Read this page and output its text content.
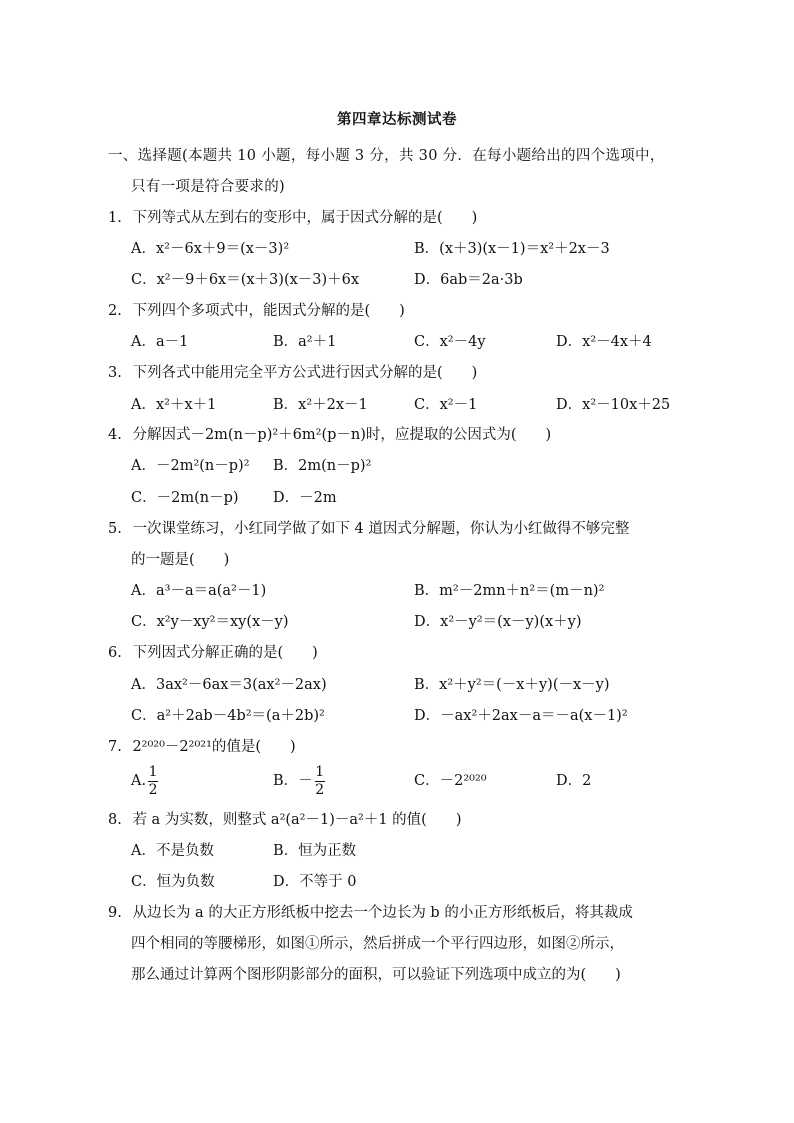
第四章达标测试卷
一、选择题(本题共 10 小题，每小题 3 分，共 30 分．在每小题给出的四个选项中，
只有一项是符合要求的)
1. 下列等式从左到右的变形中，属于因式分解的是(　　)
A．x²－6x＋9＝(x－3)²	B．(x＋3)(x－1)＝x²＋2x－3
C．x²－9＋6x＝(x＋3)(x－3)＋6x	D．6ab＝2a·3b
2. 下列四个多项式中，能因式分解的是(　　)
A．a－1	B．a²＋1	C．x²－4y	D．x²－4x＋4
3. 下列各式中能用完全平方公式进行因式分解的是(　　)
A．x²＋x＋1	B．x²＋2x－1	C．x²－1	D．x²－10x＋25
4. 分解因式－2m(n－p)²＋6m²(p－n)时，应提取的公因式为(　　)
A．－2m²(n－p)² B．2m(n－p)²
C．－2m(n－p) D．－2m
5. 一次课堂练习，小红同学做了如下 4 道因式分解题，你认为小红做得不够完整
的一题是(　　)
A．a³－a＝a(a²－1)	B．m²－2mn＋n²＝(m－n)²
C．x²y－xy²＝xy(x－y)	D．x²－y²＝(x－y)(x＋y)
6. 下列因式分解正确的是(　　)
A．3ax²－6ax＝3(ax²－2ax)	B．x²＋y²＝(－x＋y)(－x－y)
C．a²＋2ab－4b²＝(a＋2b)²	D．－ax²＋2ax－a＝－a(x－1)²
7. 2²⁰²⁰－2²⁰²¹的值是(　　)
A. $\frac{1}{2}$	B．－ $\frac{1}{2}$	C．－2²⁰²⁰	D．2
8. 若 a 为实数，则整式 a²(a²－1)－a²＋1 的值(　　)
A．不是负数	B．恒为正数
C．恒为负数	D．不等于 0
9. 从边长为 a 的大正方形纸板中挖去一个边长为 b 的小正方形纸板后，将其裁成
四个相同的等腰梯形，如图①所示，然后拼成一个平行四边形，如图②所示，
那么通过计算两个图形阴影部分的面积，可以验证下列选项中成立的为(　　)
